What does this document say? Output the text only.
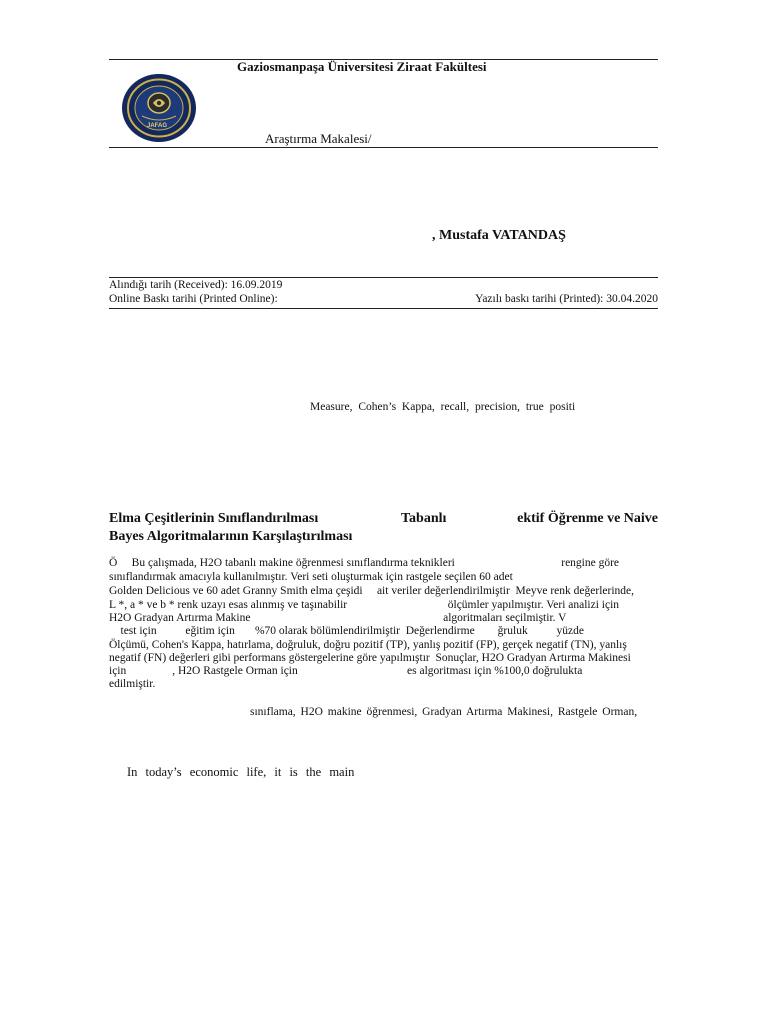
Gaziosmanpaşa Üniversitesi Ziraat Fakültesi
JAFAG
Araştırma Makalesi/
, Mustafa VATANDAŞ
Alındığı tarih (Received): 16.09.2019
Online Baskı tarihi (Printed Online):	Yazılı baskı tarihi (Printed): 30.04.2020
Measure, Cohen’s Kappa, recall, precision, true positi
Elma Çeşitlerinin Sınıflandırılması	Tabanlı	ektif Öğrenme ve Naive
Bayes Algoritmalarının Karşılaştırılması
Ö     Bu çalışmada, H2O tabanlı makine öğrenmesi sınıflandırma teknikleri                                     rengine göre
sınıflandırmak amacıyla kullanılmıştır. Veri seti oluşturmak için rastgele seçilen 60 adet
Golden Delicious ve 60 adet Granny Smith elma çeşidi     ait veriler değerlendirilmiştir  Meyve renk değerlerinde,
L *, a * ve b * renk uzayı esas alınmış ve taşınabilir                                   ölçümler yapılmıştır. Veri analizi için
H2O Gradyan Artırma Makine                                                                   algoritmaları seçilmiştir. V
test için          eğitim için       %70 olarak bölümlendirilmiştir  Değerlendirme        ğruluk          yüzde
Ölçümü, Cohen's Kappa, hatırlama, doğruluk, doğru pozitif (TP), yanlış pozitif (FP), gerçek negatif (TN), yanlış
negatif (FN) değerleri gibi performans göstergelerine göre yapılmıştır  Sonuçlar, H2O Gradyan Artırma Makinesi
için                , H2O Rastgele Orman için                                      es algoritması için %100,0 doğrulukta
edilmiştir.
sınıflama, H2O makine öğrenmesi, Gradyan Artırma Makinesi, Rastgele Orman,
In today’s economic life, it is the main
